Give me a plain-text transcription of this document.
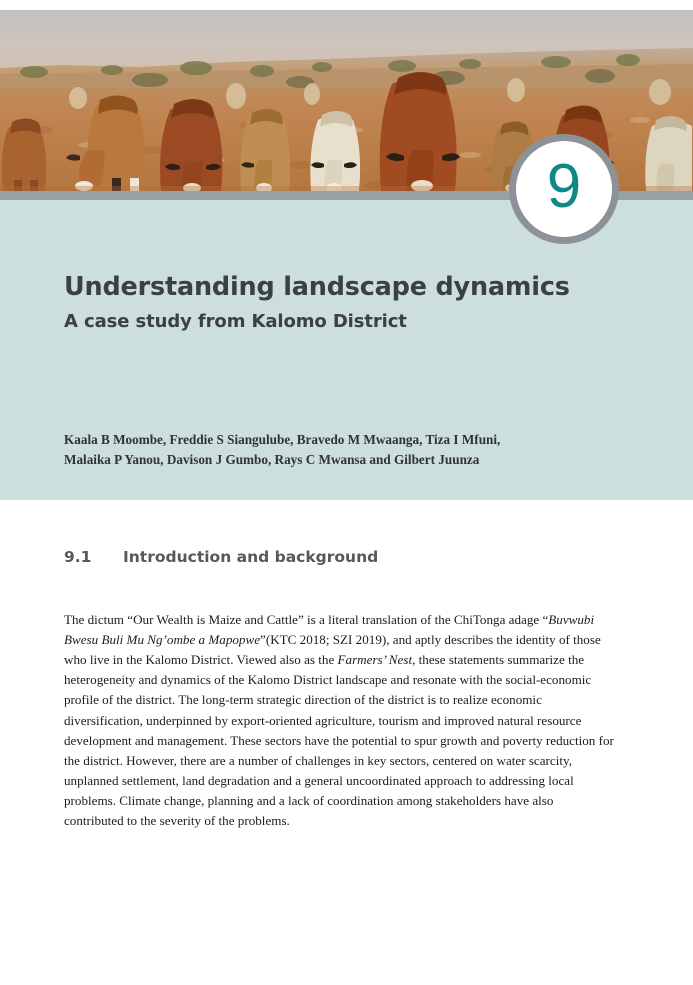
9
Understanding landscape dynamics
A case study from Kalomo District
Kaala B Moombe, Freddie S Siangulube, Bravedo M Mwaanga, Tiza I Mfuni,
Malaika P Yanou, Davison J Gumbo, Rays C Mwansa and Gilbert Juunza
9.1 Introduction and background

The dictum “Our Wealth is Maize and Cattle” is a literal translation of the ChiTonga adage “Buvwubi Bwesu Buli Mu Ng’ombe a Mapopwe”(KTC 2018; SZI 2019), and aptly describes the identity of those who live in the Kalomo District. Viewed also as the Farmers’ Nest, these statements summarize the heterogeneity and dynamics of the Kalomo District landscape and resonate with the social-economic profile of the district. The long-term strategic direction of the district is to realize economic diversification, underpinned by export-oriented agriculture, tourism and improved natural resource development and management. These sectors have the potential to spur growth and poverty reduction for the district. However, there are a number of challenges in key sectors, centered on water scarcity, unplanned settlement, land degradation and a general uncoordinated approach to addressing local problems. Climate change, planning and a lack of coordination among stakeholders have also contributed to the severity of the problems.
